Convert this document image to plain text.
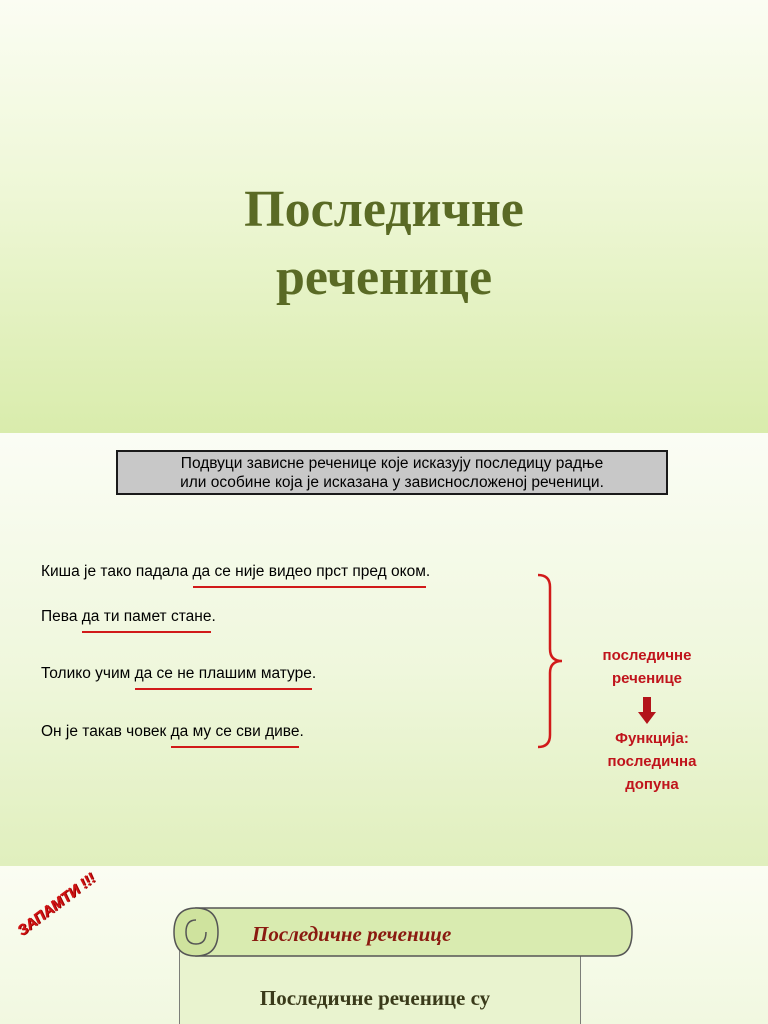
Последичне
реченице
Подвуци зависне реченице које исказују последицу радње
или особине која је исказана у зависносложеној реченици.
Киша је тако падала да се није видео прст пред оком.
Пева да ти памет стане.
Толико учим да се не плашим матуре.
Он је такав човек да му се сви диве.
последичне
реченице
Функција:
последична
допуна
ЗАПАМТИ !!!	Последичне реченице
Последичне реченице су
